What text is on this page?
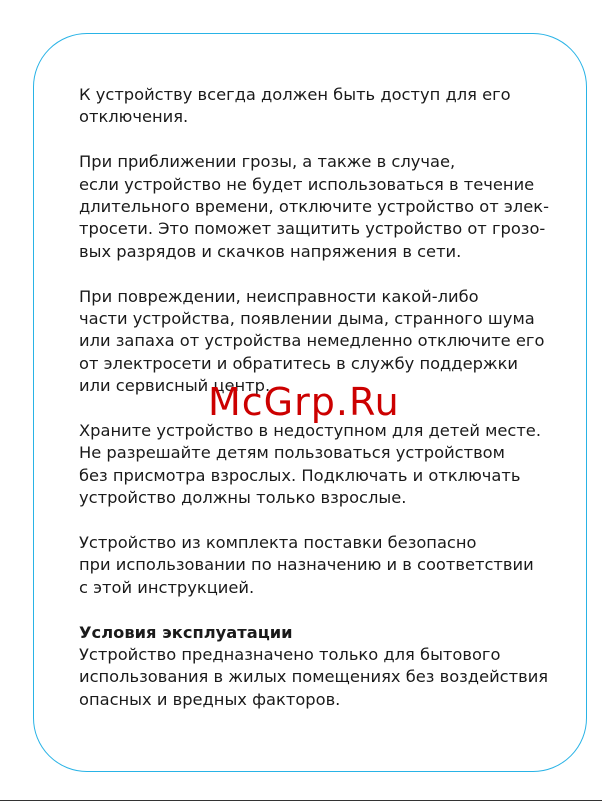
К устройству всегда должен быть доступ для его
отключения.

При приближении грозы, а также в случае,
если устройство не будет использоваться в течение
длительного времени, отключите устройство от элек-
тросети. Это поможет защитить устройство от грозо-
вых разрядов и скачков напряжения в сети.

При повреждении, неисправности какой-либо
части устройства, появлении дыма, странного шума
или запаха от устройства немедленно отключите его
от электросети и обратитесь в службу поддержки
или сервисный центр.

Храните устройство в недоступном для детей месте.
Не разрешайте детям пользоваться устройством
без присмотра взрослых. Подключать и отключать
устройство должны только взрослые.

Устройство из комплекта поставки безопасно
при использовании по назначению и в соответствии
с этой инструкцией.

Условия эксплуатации

Устройство предназначено только для бытового
использования в жилых помещениях без воздействия
опасных и вредных факторов.

McGrp.Ru
